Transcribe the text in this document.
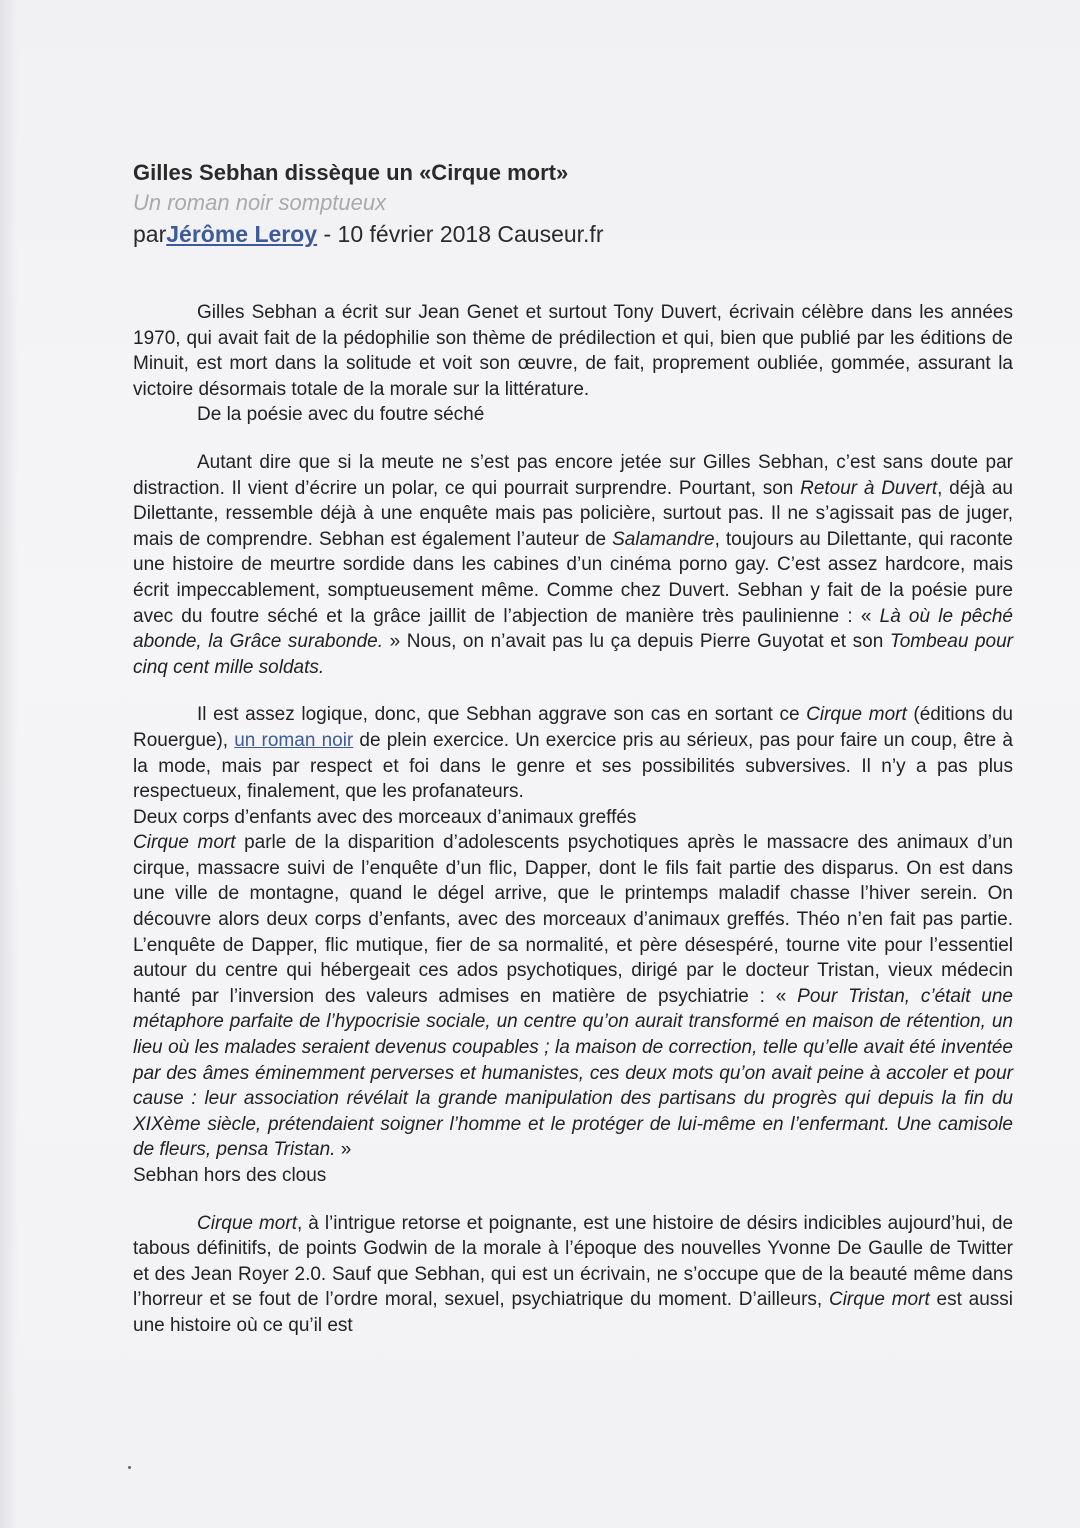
Gilles Sebhan dissèque un «Cirque mort»

Un roman noir somptueux

parJérôme Leroy - 10 février 2018 Causeur.fr

Gilles Sebhan a écrit sur Jean Genet et surtout Tony Duvert, écrivain célèbre dans les années 1970, qui avait fait de la pédophilie son thème de prédilection et qui, bien que publié par les éditions de Minuit, est mort dans la solitude et voit son œuvre, de fait, proprement oubliée, gommée, assurant la victoire désormais totale de la morale sur la littérature.

De la poésie avec du foutre séché

Autant dire que si la meute ne s’est pas encore jetée sur Gilles Sebhan, c’est sans doute par distraction. Il vient d’écrire un polar, ce qui pourrait surprendre. Pourtant, son Retour à Duvert, déjà au Dilettante, ressemble déjà à une enquête mais pas policière, surtout pas. Il ne s’agissait pas de juger, mais de comprendre. Sebhan est également l’auteur de Salamandre, toujours au Dilettante, qui raconte une histoire de meurtre sordide dans les cabines d’un cinéma porno gay. C’est assez hardcore, mais écrit impeccablement, somptueusement même. Comme chez Duvert. Sebhan y fait de la poésie pure avec du foutre séché et la grâce jaillit de l’abjection de manière très paulinienne : « Là où le pêché abonde, la Grâce surabonde. » Nous, on n’avait pas lu ça depuis Pierre Guyotat et son Tombeau pour cinq cent mille soldats.

Il est assez logique, donc, que Sebhan aggrave son cas en sortant ce Cirque mort (éditions du Rouergue), un roman noir de plein exercice. Un exercice pris au sérieux, pas pour faire un coup, être à la mode, mais par respect et foi dans le genre et ses possibilités subversives. Il n’y a pas plus respectueux, finalement, que les profanateurs.

Deux corps d’enfants avec des morceaux d’animaux greffés

Cirque mort parle de la disparition d’adolescents psychotiques après le massacre des animaux d’un cirque, massacre suivi de l’enquête d’un flic, Dapper, dont le fils fait partie des disparus. On est dans une ville de montagne, quand le dégel arrive, que le printemps maladif chasse l’hiver serein. On découvre alors deux corps d’enfants, avec des morceaux d’animaux greffés. Théo n’en fait pas partie. L’enquête de Dapper, flic mutique, fier de sa normalité, et père désespéré, tourne vite pour l’essentiel autour du centre qui hébergeait ces ados psychotiques, dirigé par le docteur Tristan, vieux médecin hanté par l’inversion des valeurs admises en matière de psychiatrie : « Pour Tristan, c’était une métaphore parfaite de l’hypocrisie sociale, un centre qu’on aurait transformé en maison de rétention, un lieu où les malades seraient devenus coupables ; la maison de correction, telle qu’elle avait été inventée par des âmes éminemment perverses et humanistes, ces deux mots qu’on avait peine à accoler et pour cause : leur association révélait la grande manipulation des partisans du progrès qui depuis la fin du XIXème siècle, prétendaient soigner l’homme et le protéger de lui-même en l’enfermant. Une camisole de fleurs, pensa Tristan. »

Sebhan hors des clous

Cirque mort, à l’intrigue retorse et poignante, est une histoire de désirs indicibles aujourd’hui, de tabous définitifs, de points Godwin de la morale à l’époque des nouvelles Yvonne De Gaulle de Twitter et des Jean Royer 2.0. Sauf que Sebhan, qui est un écrivain, ne s’occupe que de la beauté même dans l’horreur et se fout de l’ordre moral, sexuel, psychiatrique du moment. D’ailleurs, Cirque mort est aussi une histoire où ce qu’il est
